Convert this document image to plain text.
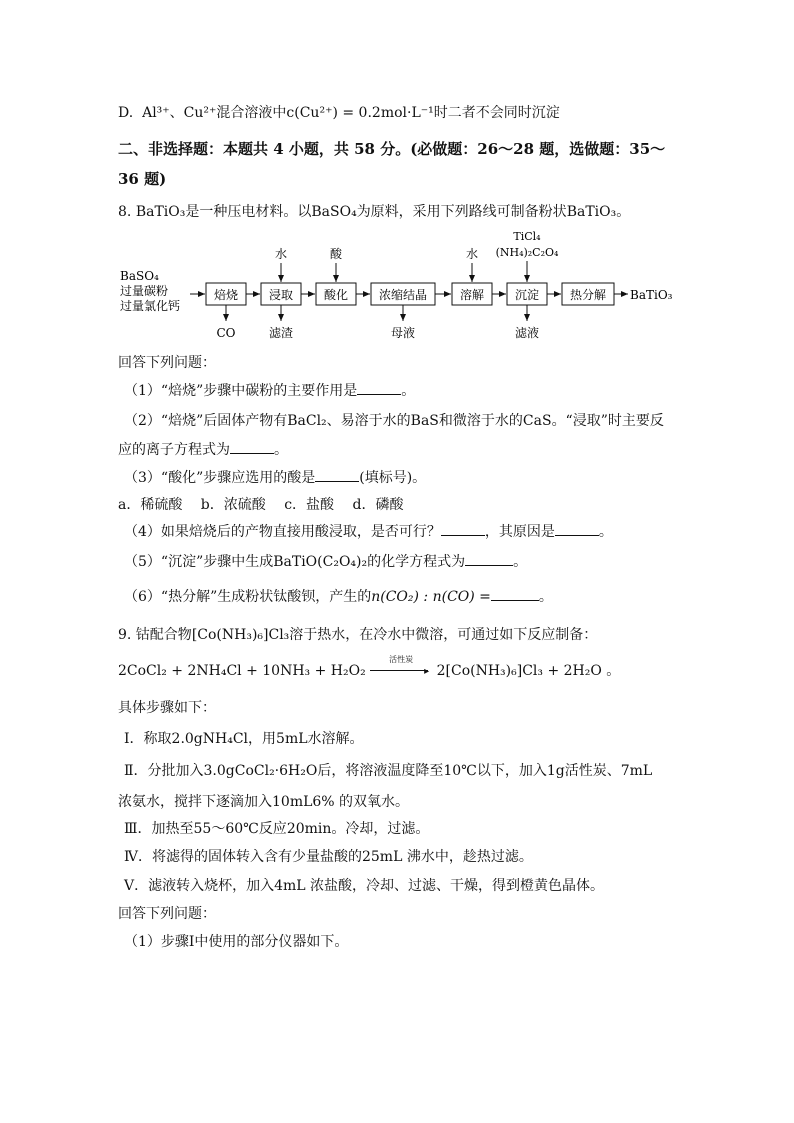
D. Al³⁺、Cu²⁺混合溶液中c(Cu²⁺) = 0.2mol·L⁻¹时二者不会同时沉淀
二、非选择题：本题共 4 小题，共 58 分。(必做题：26～28 题，选做题：35～
36 题)
8. BaTiO₃是一种压电材料。以BaSO₄为原料，采用下列路线可制备粉状BaTiO₃。
BaSO₄
过量碳粉
过量氯化钙
焙烧	浸取	酸化	浓缩结晶	溶解	沉淀	热分解 BaTiO₃
水	酸	水
TiCl₄
(NH₄)₂C₂O₄
CO	滤渣	母液	滤液
回答下列问题：
（1）“焙烧”步骤中碳粉的主要作用是	。
（2）“焙烧”后固体产物有BaCl₂、易溶于水的BaS和微溶于水的CaS。“浸取”时主要反
应的离子方程式为	。
（3）“酸化”步骤应选用的酸是	(填标号)。
a．稀硫酸　 b．浓硫酸　 c．盐酸　 d．磷酸
（4）如果焙烧后的产物直接用酸浸取，是否可行？	，其原因是	。
（5）“沉淀”步骤中生成BaTiO(C₂O₄)₂的化学方程式为	。
（6）“热分解”生成粉状钛酸钡，产生的n(CO₂) : n(CO) =	。
9. 钴配合物[Co(NH₃)₆]Cl₃溶于热水，在冷水中微溶，可通过如下反应制备：
2CoCl₂ + 2NH₄Cl + 10NH₃ + H₂O₂
活性炭
▸ 2[Co(NH₃)₆]Cl₃ + 2H₂O 。
具体步骤如下：
Ⅰ．称取2.0gNH₄Cl，用5mL水溶解。
Ⅱ．分批加入3.0gCoCl₂·6H₂O后，将溶液温度降至10℃以下，加入1g活性炭、7mL
浓氨水，搅拌下逐滴加入10mL6% 的双氧水。
Ⅲ．加热至55～60℃反应20min。冷却，过滤。
Ⅳ．将滤得的固体转入含有少量盐酸的25mL 沸水中，趁热过滤。
Ⅴ．滤液转入烧杯，加入4mL 浓盐酸，冷却、过滤、干燥，得到橙黄色晶体。
回答下列问题：
（1）步骤Ⅰ中使用的部分仪器如下。
